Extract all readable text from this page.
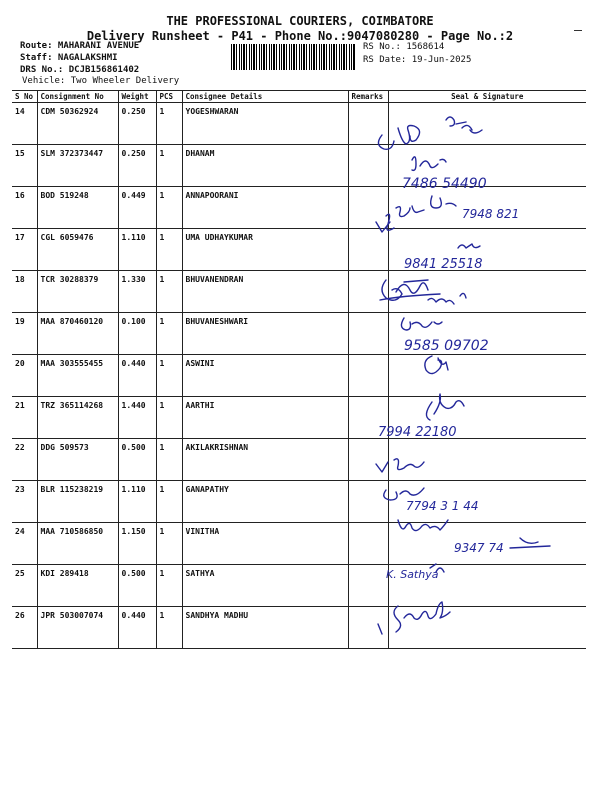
THE PROFESSIONAL COURIERS, COIMBATORE
Delivery Runsheet - P41 - Phone No.:9047080280 - Page No.:2
Route: MAHARANI AVENUE
Staff: NAGALAKSHMI
DRS No.: DCJB156861402
Vehicle: Two Wheeler Delivery
RS No.: 1568614
RS Date: 19-Jun-2025
S No	Consignment No	Weight	PCS	Consignee Details	Remarks	Seal & Signature
14	CDM 50362924	0.250	1	YOGESHWARAN		
15	SLM 372373447	0.250	1	DHANAM		
16	BOD 519248	0.449	1	ANNAPOORANI		
17	CGL 6059476	1.110	1	UMA UDHAYKUMAR		
18	TCR 30288379	1.330	1	BHUVANENDRAN		
19	MAA 870460120	0.100	1	BHUVANESHWARI		
20	MAA 303555455	0.440	1	ASWINI		
21	TRZ 365114268	1.440	1	AARTHI		
22	DDG 509573	0.500	1	AKILAKRISHNAN		
23	BLR 115238219	1.110	1	GANAPATHY		
24	MAA 710586850	1.150	1	VINITHA		
25	KDI 289418	0.500	1	SATHYA		
26	JPR 503007074	0.440	1	SANDHYA MADHU		
7486 54490
7948 821
9841 25518
9585 09702
7994 22180
7794 3 1 44
9347 74
K. Sathya
